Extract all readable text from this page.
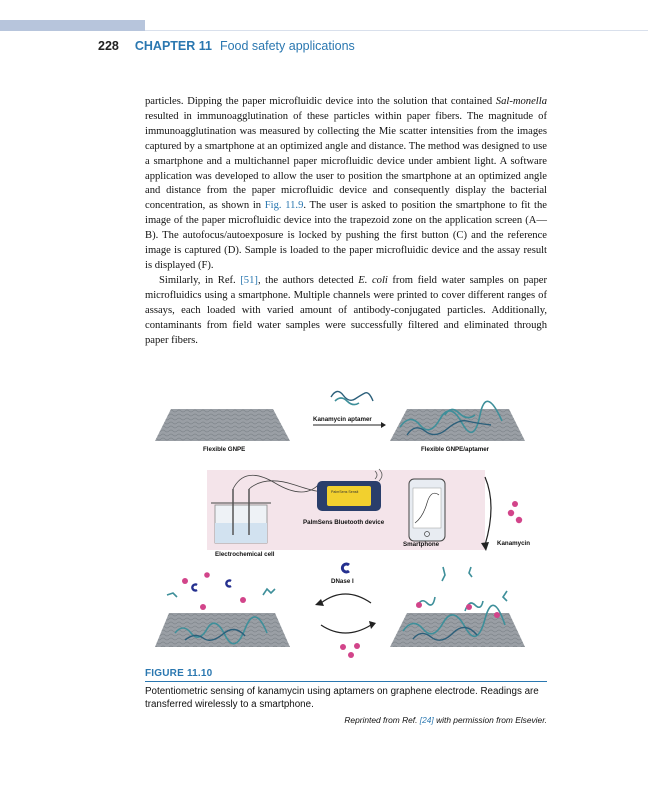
228 CHAPTER 11 Food safety applications

particles. Dipping the paper microfluidic device into the solution that contained Sal-monella resulted in immunoagglutination of these particles within paper fibers. The magnitude of immunoagglutination was measured by collecting the Mie scatter intensities from the images captured by a smartphone at an optimized angle and distance. The method was designed to use a smartphone and a multichannel paper microfluidic device under ambient light. A software application was developed to allow the user to position the smartphone at an optimized angle and distance from the paper microfluidic device and consequently display the bacterial concentration, as shown in Fig. 11.9. The user is asked to position the smartphone to fit the image of the paper microfluidic device into the trapezoid zone on the application screen (A—B). The autofocus/autoexposure is locked by pushing the first button (C) and the reference image is captured (D). Sample is loaded to the paper microfluidic device and the assay result is displayed (F).

Similarly, in Ref. [51], the authors detected E. coli from field water samples on paper microfluidics using a smartphone. Multiple channels were printed to cover different ranges of assays, each loaded with varied amount of antibody-conjugated particles. Additionally, contaminants from field water samples were successfully filtered and eliminated through paper fibers.

Kanamycin aptamer
Flexible GNPE	Flexible GNPE/aptamer
Electrochemical cell
PalmSens Sensit
PalmSens Bluetooth device
Smartphone	Kanamycin
DNase I
FIGURE 11.10
Potentiometric sensing of kanamycin using aptamers on graphene electrode. Readings are transferred wirelessly to a smartphone.
Reprinted from Ref. [24] with permission from Elsevier.
